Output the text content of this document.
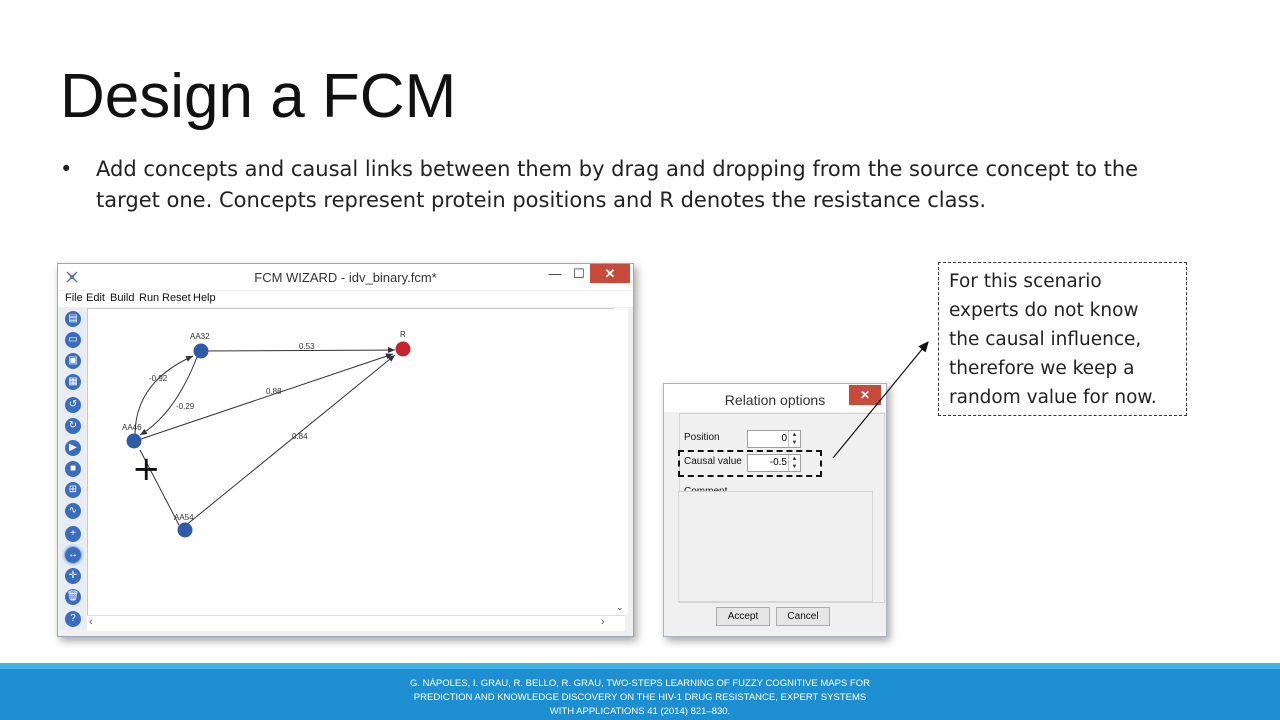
Design a FCM
• Add concepts and causal links between them by drag and dropping from the source concept to the target one. Concepts represent protein positions and R denotes the resistance class.
FCM WIZARD - idv_binary.fcm*	— ☐	✕
File Edit Build Run Reset Help
▤
▭
▣
▦
↺
↻
▶
■
⊞
∿
+
↔
✛
🗑
?
⌄
‹	›
0.53
-0.92
-0.29
0.88
0.84
AA32	R
AA46
AA54
+
Relation options	✕
Position	0 ▲
▼
Causal value	-0.5 ▲
▼
Accept	Cancel
For this scenario
experts do not know
the causal influence,
therefore we keep a
random value for now.
G. NÁPOLES, I. GRAU, R. BELLO, R. GRAU, TWO-STEPS LEARNING OF FUZZY COGNITIVE MAPS FOR
PREDICTION AND KNOWLEDGE DISCOVERY ON THE HIV-1 DRUG RESISTANCE, EXPERT SYSTEMS
WITH APPLICATIONS 41 (2014) 821–830.
